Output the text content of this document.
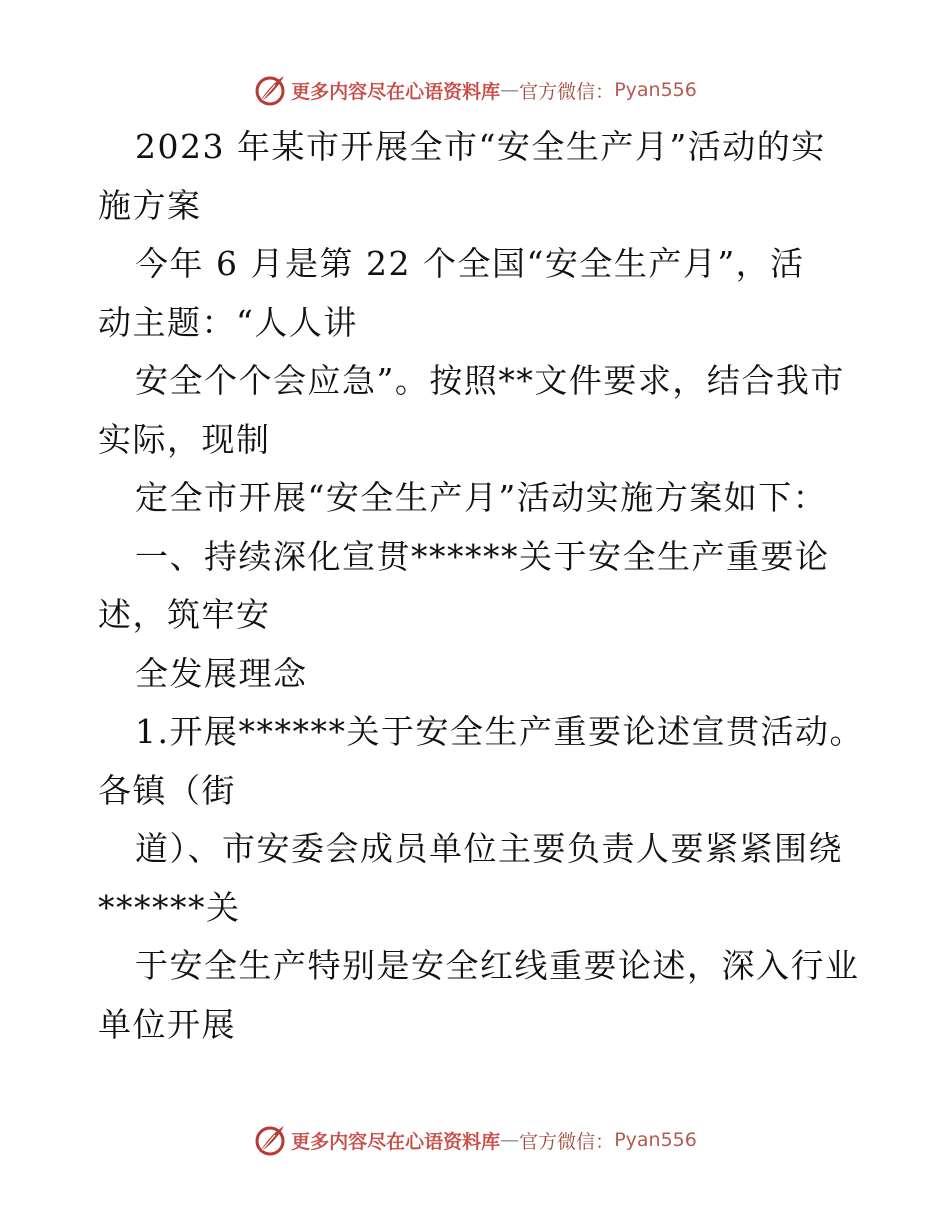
更多内容尽在心语资料库 — 官方微信： Pyan556
2023 年某市开展全市“安全生产月”活动的实
施方案
今年 6 月是第 22 个全国“安全生产月”，活
动主题：“人人讲
安全个个会应急”。按照**文件要求，结合我市
实际，现制
定全市开展“安全生产月”活动实施方案如下：
一、持续深化宣贯******关于安全生产重要论
述，筑牢安
全发展理念
1.开展******关于安全生产重要论述宣贯活动。
各镇（街
道）、市安委会成员单位主要负责人要紧紧围绕
******关
于安全生产特别是安全红线重要论述，深入行业
单位开展
更多内容尽在心语资料库 — 官方微信： Pyan556
